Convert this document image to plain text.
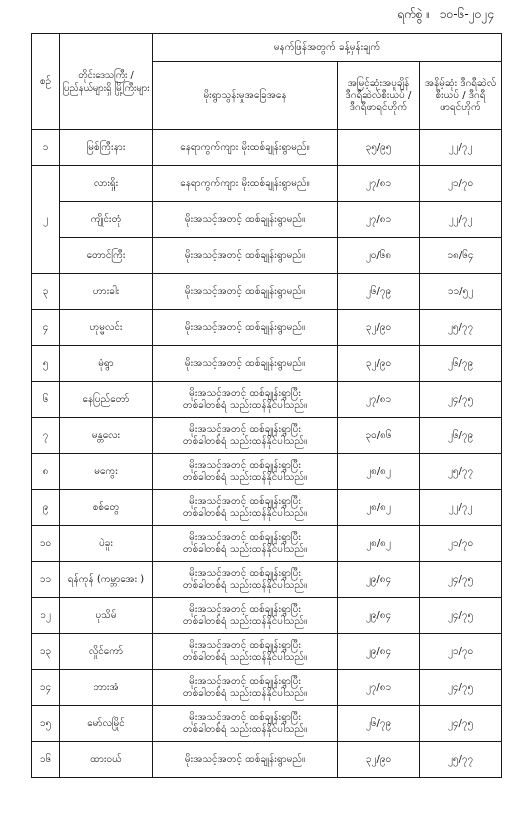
ရက်စွဲ ။ ၁၀-၆-၂၀၂၄
စဉ်	တိုင်းဒေသကြီး / ပြည်နယ်များရှိ မြို့ကြီးများ	မနက်ဖြန်အတွက် ခန့်မှန်းချက်		
		မိုးရွာသွန်းမှုအခြေအနေ	အမြင့်ဆုံးအပူချိန် ဒီဂရီဆဲလ်စီးယပ် /ဒီဂရီဖာရင်ဟိုက်	အနိမ့်ဆုံး ဒီဂရီဆဲလ်စီးယပ် / ဒီဂရီဖာရင်ဟိုက်
၁	မြစ်ကြီးနား	နေရာကွက်ကျား မိုးထစ်ချုန်းရွာမည်။	၃၅/၉၅	၂၂/၇၂
၂	လားရှိုး	နေရာကွက်ကျား မိုးထစ်ချုန်းရွာမည်။	၂၇/၈၁	၂၁/၇၀
	ကျိုင်းတုံ	မိုးအသင့်အတင့် ထစ်ချုန်းရွာမည်။	၂၇/၈၁	၂၂/၇၂
	တောင်ကြီး	မိုးအသင့်အတင့် ထစ်ချုန်းရွာမည်။	၂၀/၆၈	၁၈/၆၄
၃	ဟားခါး	မိုးအသင့်အတင့် ထစ်ချုန်းရွာမည်။	၂၆/၇၉	၁၁/၅၂
၄	ဟုမ္မလင်း	မိုးအသင့်အတင့် ထစ်ချုန်းရွာမည်။	၃၂/၉၀	၂၅/၇၇
၅	မုံရွာ	မိုးအသင့်အတင့် ထစ်ချုန်းရွာမည်။	၃၂/၉၀	၂၆/၇၉
၆	နေပြည်တော်	မိုးအသင့်အတင့် ထစ်ချုန်းရွာပြီး
တစ်ခါတစ်ရံ သည်းထန်နိုင်ပါသည်။	၂၇/၈၁	၂၄/၇၅
၇	မန္တလေး	မိုးအသင့်အတင့် ထစ်ချုန်းရွာပြီး
တစ်ခါတစ်ရံ သည်းထန်နိုင်ပါသည်။	၃၀/၈၆	၂၆/၇၉
၈	မကွေး	မိုးအသင့်အတင့် ထစ်ချုန်းရွာပြီး
တစ်ခါတစ်ရံ သည်းထန်နိုင်ပါသည်။	၂၈/၈၂	၂၅/၇၇
၉	စစ်တွေ	မိုးအသင့်အတင့် ထစ်ချုန်းရွာပြီး
တစ်ခါတစ်ရံ သည်းထန်နိုင်ပါသည်။	၂၈/၈၂	၂၂/၇၂
၁၀	ပဲခူး	မိုးအသင့်အတင့် ထစ်ချုန်းရွာပြီး
တစ်ခါတစ်ရံ သည်းထန်နိုင်ပါသည်။	၂၈/၈၂	၂၁/၇၀
၁၁	ရန်ကုန် (ကမ္ဘာအေး )	မိုးအသင့်အတင့် ထစ်ချုန်းရွာပြီး
တစ်ခါတစ်ရံ သည်းထန်နိုင်ပါသည်။	၂၉/၈၄	၂၄/၇၅
၁၂	ပုသိမ်	မိုးအသင့်အတင့် ထစ်ချုန်းရွာပြီး
တစ်ခါတစ်ရံ သည်းထန်နိုင်ပါသည်။	၂၉/၈၄	၂၄/၇၅
၁၃	လှိုင်ကော်	မိုးအသင့်အတင့် ထစ်ချုန်းရွာပြီး
တစ်ခါတစ်ရံ သည်းထန်နိုင်ပါသည်။	၂၉/၈၄	၂၁/၇၀
၁၄	ဘားအံ	မိုးအသင့်အတင့် ထစ်ချုန်းရွာပြီး
တစ်ခါတစ်ရံ သည်းထန်နိုင်ပါသည်။	၂၇/၈၁	၂၄/၇၅
၁၅	မော်လမြိုင်	မိုးအသင့်အတင့် ထစ်ချုန်းရွာပြီး
တစ်ခါတစ်ရံ သည်းထန်နိုင်ပါသည်။	၂၆/၇၉	၂၄/၇၅
၁၆	ထားဝယ်	မိုးအသင့်အတင့် ထစ်ချုန်းရွာမည်။	၃၂/၉၀	၂၅/၇၇
